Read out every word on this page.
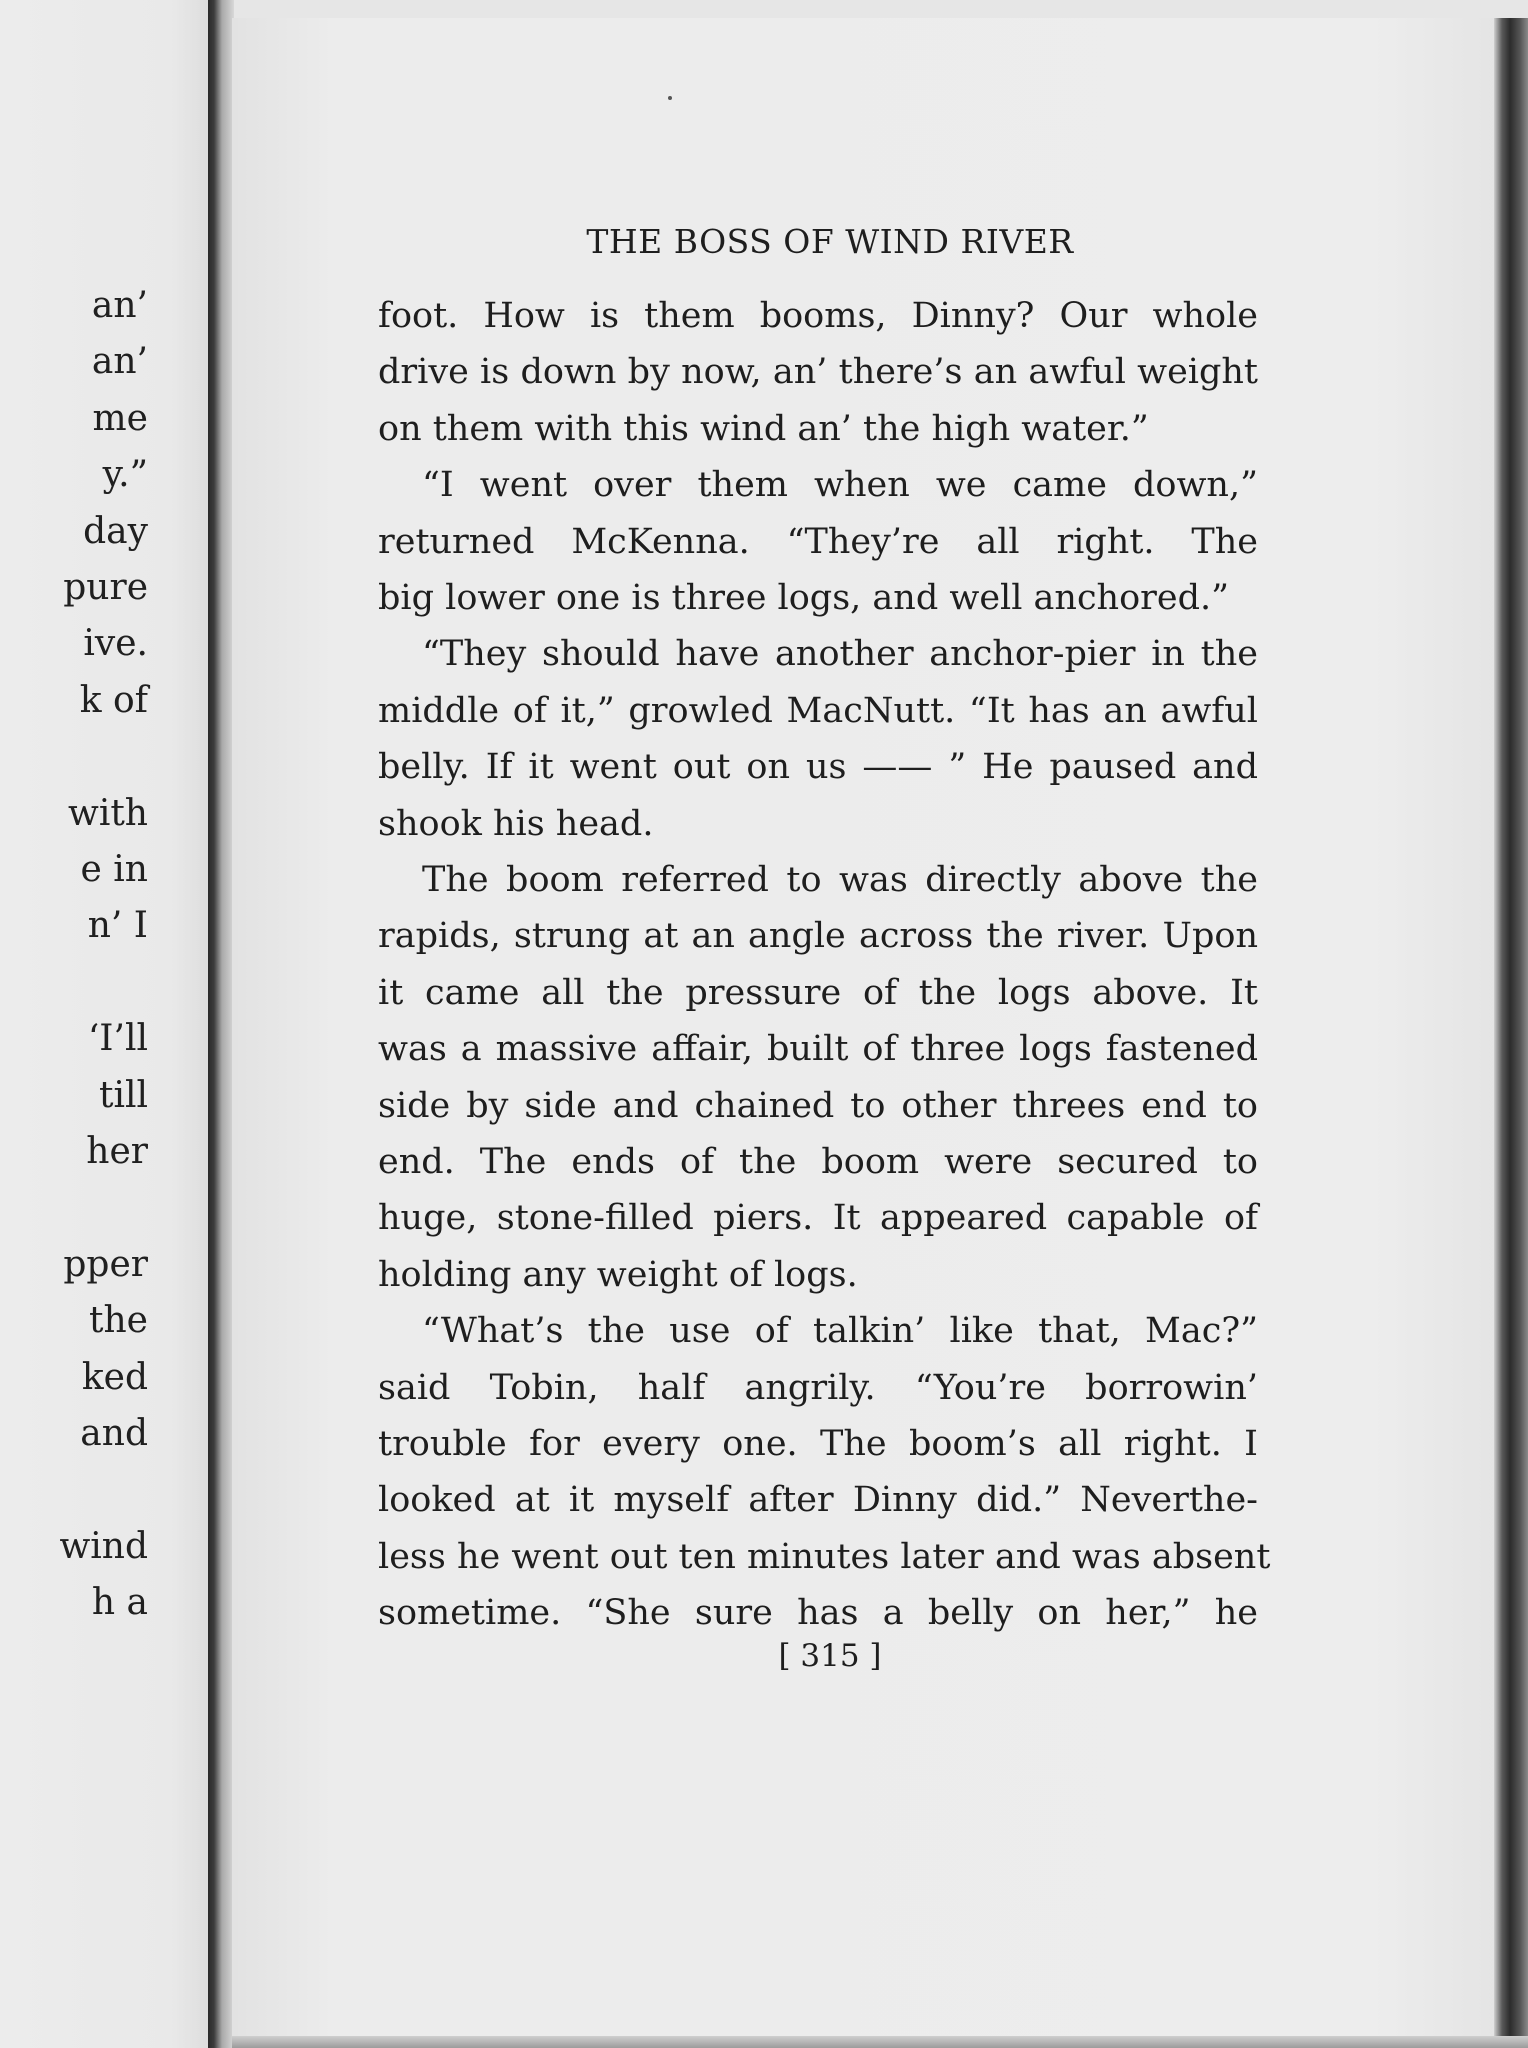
an’
an’
me
y.”
day
pure
ive.
k of
with
e in
n’ I
‘I’ll
till
her
pper
the
ked
and
wind
h a
THE BOSS OF WIND RIVER
foot. How is them booms, Dinny? Our whole
drive is down by now, an’ there’s an awful weight
on them with this wind an’ the high water.”
“I went over them when we came down,”
returned McKenna. “They’re all right. The
big lower one is three logs, and well anchored.”
“They should have another anchor-pier in the
middle of it,” growled MacNutt. “It has an awful
belly. If it went out on us —— ” He paused and
shook his head.
The boom referred to was directly above the
rapids, strung at an angle across the river. Upon
it came all the pressure of the logs above. It
was a massive affair, built of three logs fastened
side by side and chained to other threes end to
end. The ends of the boom were secured to
huge, stone-filled piers. It appeared capable of
holding any weight of logs.
“What’s the use of talkin’ like that, Mac?”
said Tobin, half angrily. “You’re borrowin’
trouble for every one. The boom’s all right. I
looked at it myself after Dinny did.” Neverthe-
less he went out ten minutes later and was absent
sometime. “She sure has a belly on her,” he
[ 315 ]
